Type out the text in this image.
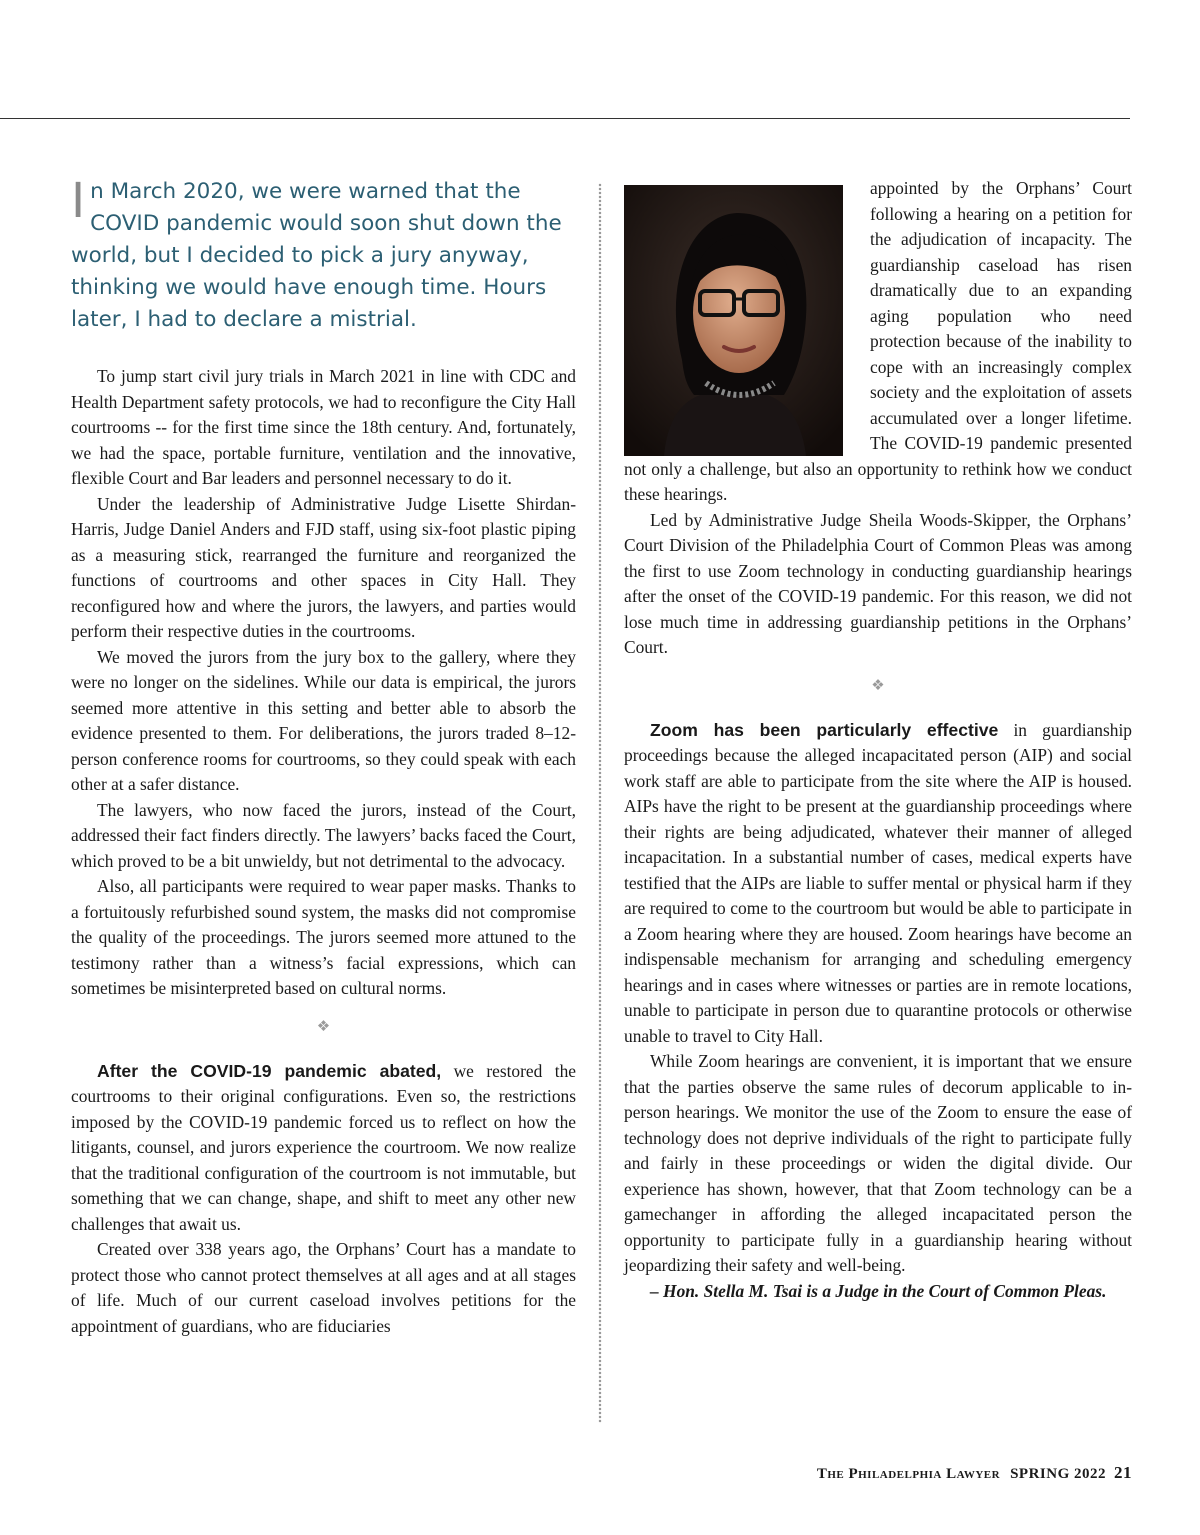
In March 2020, we were warned that the COVID pandemic would soon shut down the world, but I decided to pick a jury anyway, thinking we would have enough time. Hours later, I had to declare a mistrial.

To jump start civil jury trials in March 2021 in line with CDC and Health Department safety protocols, we had to reconfigure the City Hall courtrooms -- for the first time since the 18th century. And, fortunately, we had the space, portable furniture, ventilation and the innovative, flexible Court and Bar leaders and personnel necessary to do it.

Under the leadership of Administrative Judge Lisette Shirdan-Harris, Judge Daniel Anders and FJD staff, using six-foot plastic piping as a measuring stick, rearranged the furniture and reorganized the functions of courtrooms and other spaces in City Hall. They reconfigured how and where the jurors, the lawyers, and parties would perform their respective duties in the courtrooms.

We moved the jurors from the jury box to the gallery, where they were no longer on the sidelines. While our data is empirical, the jurors seemed more attentive in this setting and better able to absorb the evidence presented to them. For deliberations, the jurors traded 8–12-person conference rooms for courtrooms, so they could speak with each other at a safer distance.

The lawyers, who now faced the jurors, instead of the Court, addressed their fact finders directly. The lawyers’ backs faced the Court, which proved to be a bit unwieldy, but not detrimental to the advocacy.

Also, all participants were required to wear paper masks. Thanks to a fortuitously refurbished sound system, the masks did not compromise the quality of the proceedings. The jurors seemed more attuned to the testimony rather than a witness’s facial expressions, which can sometimes be misinterpreted based on cultural norms.

❖

After the COVID-19 pandemic abated, we restored the courtrooms to their original configurations. Even so, the restrictions imposed by the COVID-19 pandemic forced us to reflect on how the litigants, counsel, and jurors experience the courtroom. We now realize that the traditional configuration of the courtroom is not immutable, but something that we can change, shape, and shift to meet any other new challenges that await us.

Created over 338 years ago, the Orphans’ Court has a mandate to protect those who cannot protect themselves at all ages and at all stages of life. Much of our current caseload involves petitions for the appointment of guardians, who are fiduciaries

appointed by the Orphans’ Court following a hearing on a petition for the adjudication of incapacity. The guardianship caseload has risen dramatically due to an expanding aging population who need protection because of the inability to cope with an increasingly complex society and the exploitation of assets accumulated over a longer lifetime. The COVID-19 pandemic presented not only a challenge, but also an opportunity to rethink how we conduct these hearings.

Led by Administrative Judge Sheila Woods-Skipper, the Orphans’ Court Division of the Philadelphia Court of Common Pleas was among the first to use Zoom technology in conducting guardianship hearings after the onset of the COVID-19 pandemic. For this reason, we did not lose much time in addressing guardianship petitions in the Orphans’ Court.

❖

Zoom has been particularly effective in guardianship proceedings because the alleged incapacitated person (AIP) and social work staff are able to participate from the site where the AIP is housed. AIPs have the right to be present at the guardianship proceedings where their rights are being adjudicated, whatever their manner of alleged incapacitation. In a substantial number of cases, medical experts have testified that the AIPs are liable to suffer mental or physical harm if they are required to come to the courtroom but would be able to participate in a Zoom hearing where they are housed. Zoom hearings have become an indispensable mechanism for arranging and scheduling emergency hearings and in cases where witnesses or parties are in remote locations, unable to participate in person due to quarantine protocols or otherwise unable to travel to City Hall.

While Zoom hearings are convenient, it is important that we ensure that the parties observe the same rules of decorum applicable to in-person hearings. We monitor the use of the Zoom to ensure the ease of technology does not deprive individuals of the right to participate fully and fairly in these proceedings or widen the digital divide. Our experience has shown, however, that that Zoom technology can be a gamechanger in affording the alleged incapacitated person the opportunity to participate fully in a guardianship hearing without jeopardizing their safety and well-being.

– Hon. Stella M. Tsai is a Judge in the Court of Common Pleas.

The Philadelphia Lawyer SPRING 2022 21
